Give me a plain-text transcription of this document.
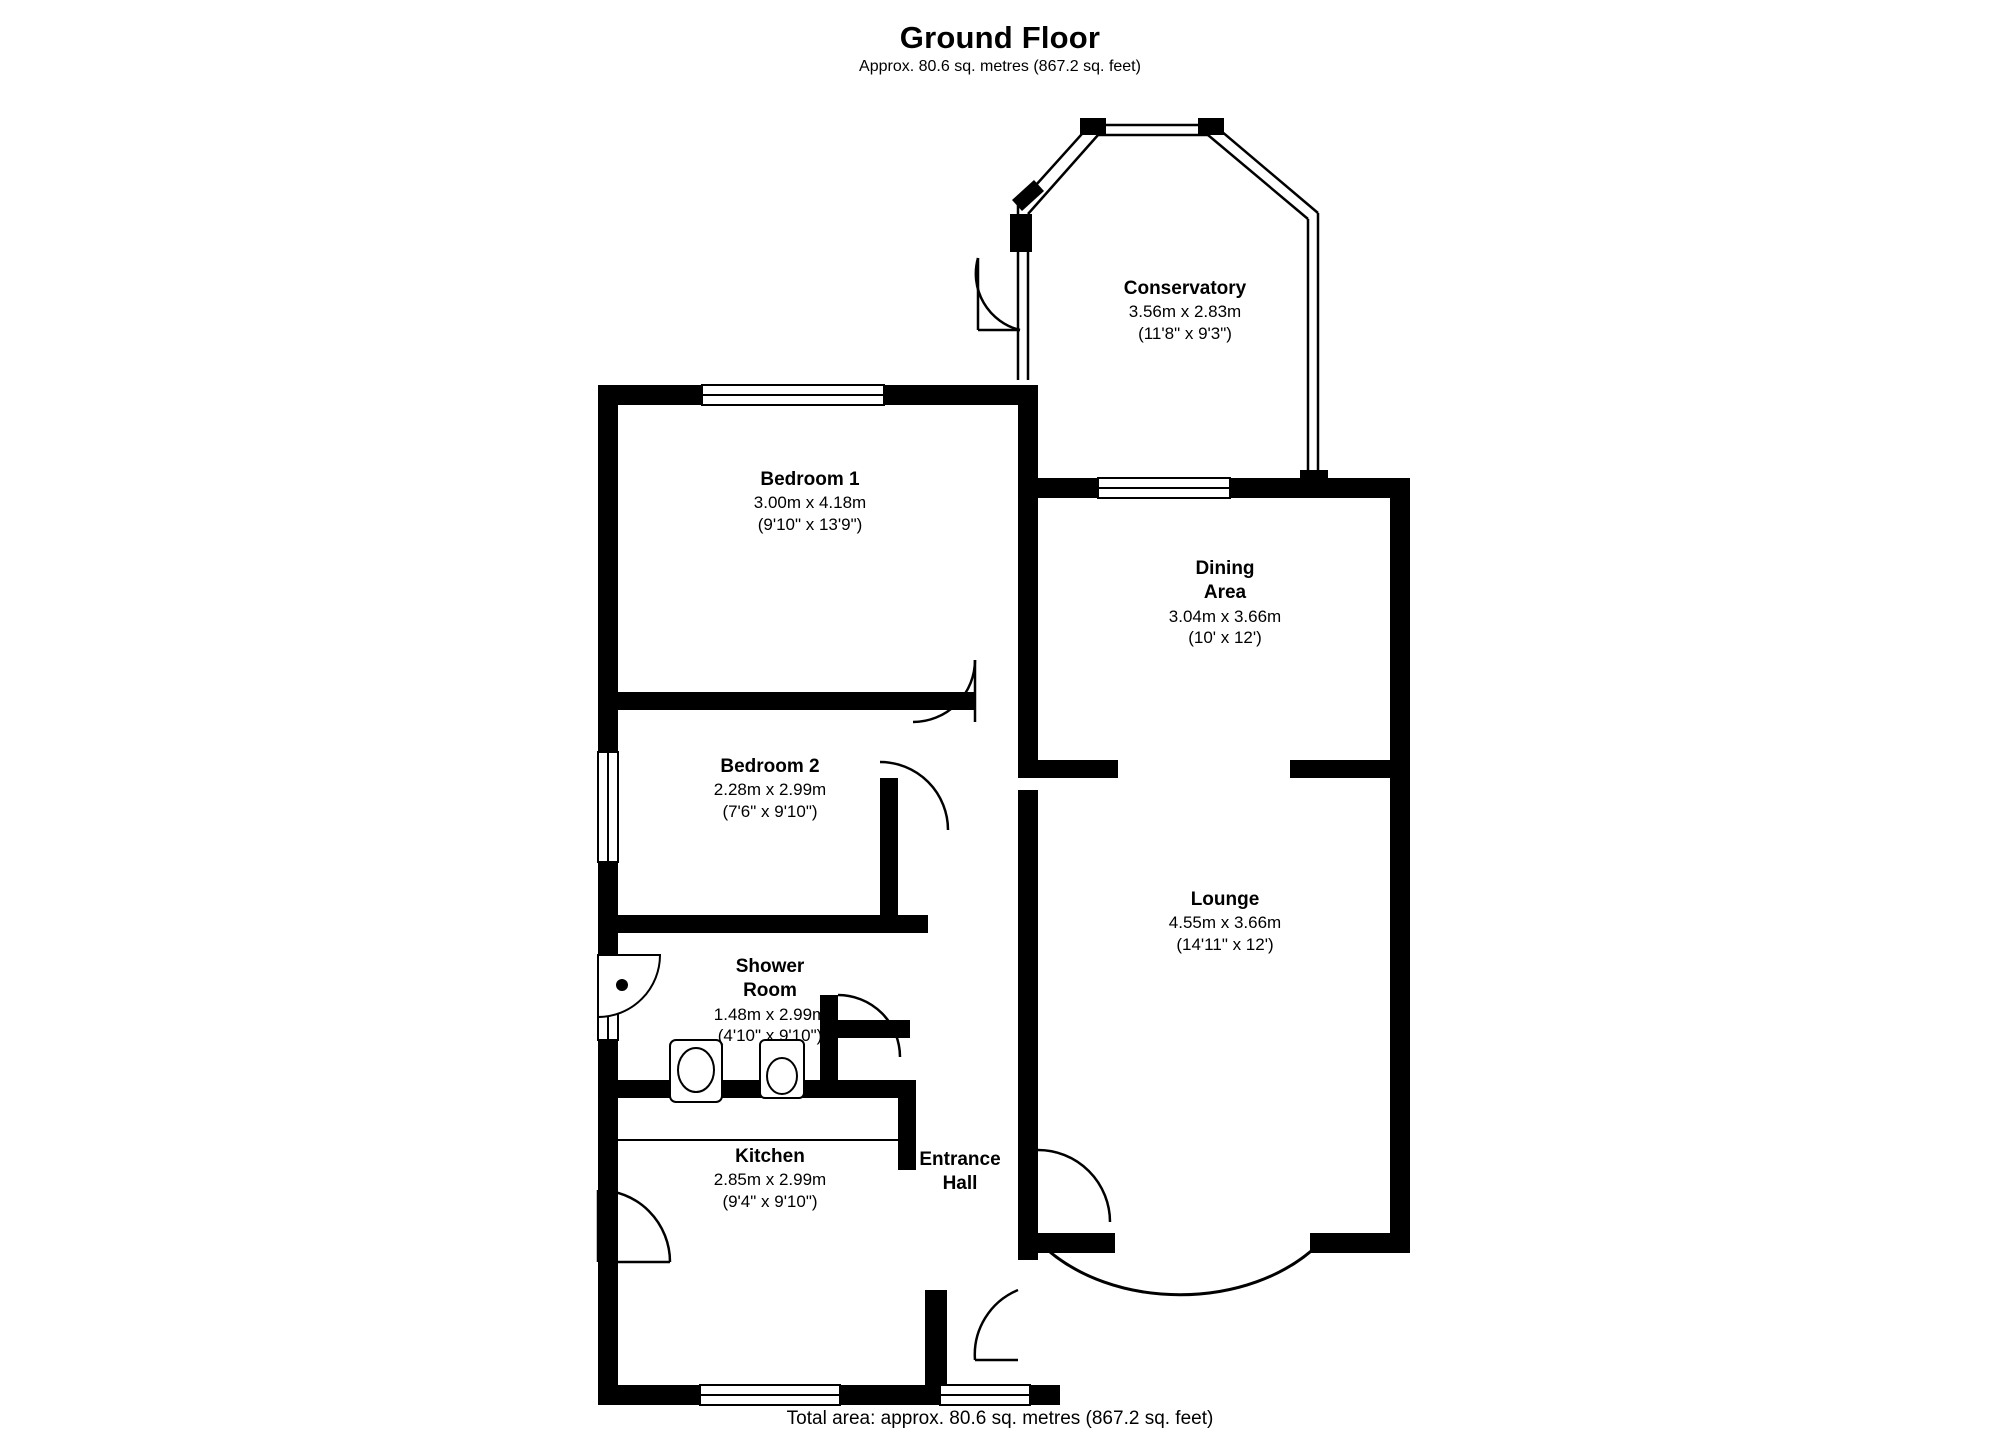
Ground Floor
Approx. 80.6 sq. metres (867.2 sq. feet)
Conservatory
3.56m x 2.83m
(11'8" x 9'3")
Bedroom 1
3.00m x 4.18m
(9'10" x 13'9")
Dining
Area
3.04m x 3.66m
(10' x 12')
Bedroom 2
2.28m x 2.99m
(7'6" x 9'10")
Lounge
4.55m x 3.66m
(14'11" x 12')
Shower
Room
1.48m x 2.99m
(4'10" x 9'10")
Kitchen
2.85m x 2.99m
(9'4" x 9'10")
Entrance
Hall
Total area: approx. 80.6 sq. metres (867.2 sq. feet)
